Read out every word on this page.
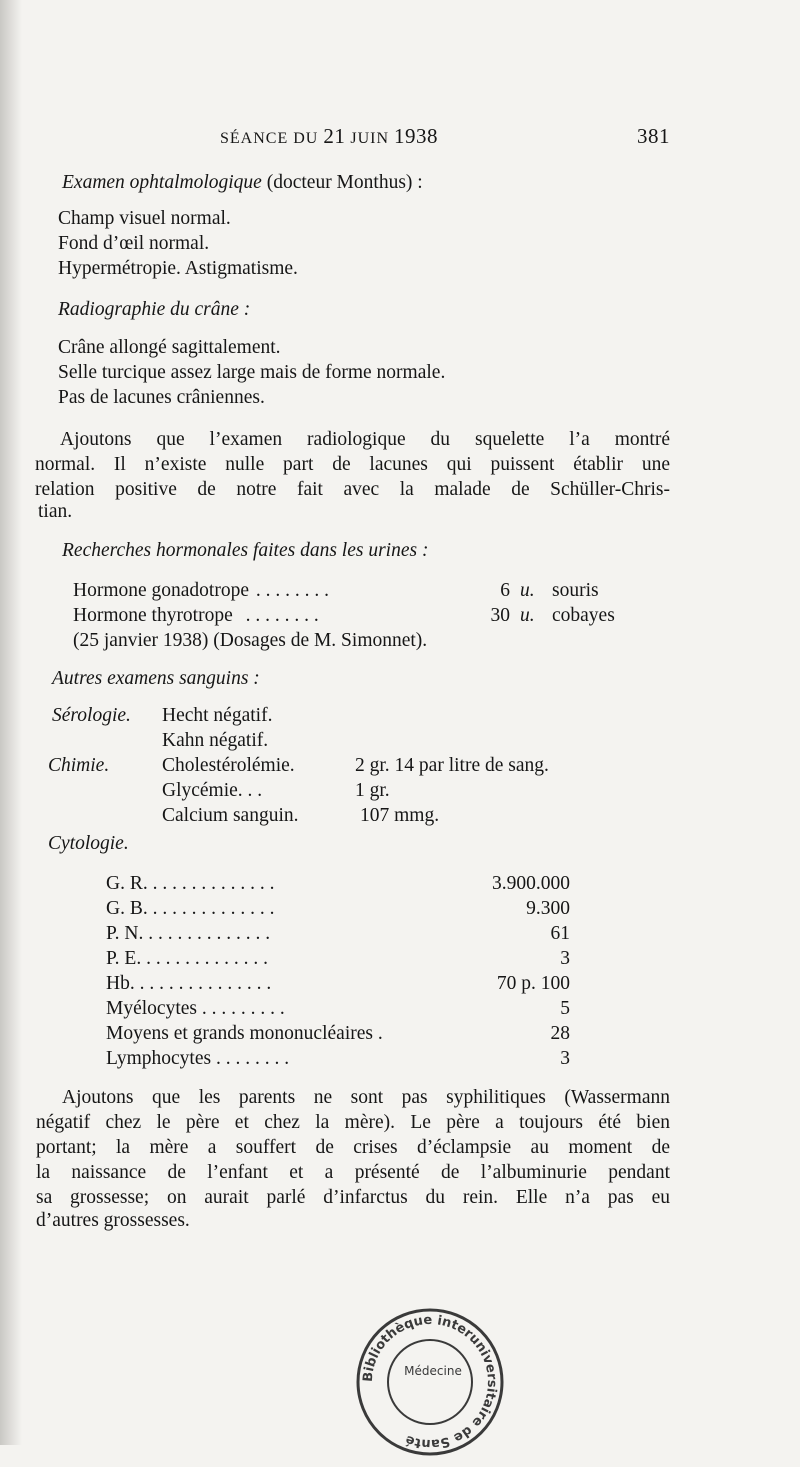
SÉANCE DU 21 JUIN 1938	381
Examen ophtalmologique (docteur Monthus) :
Champ visuel normal.
Fond d’œil normal.
Hypermétropie. Astigmatisme.
Radiographie du crâne :
Crâne allongé sagittalement.
Selle turcique assez large mais de forme normale.
Pas de lacunes crâniennes.
Ajoutons que l’examen radiologique du squelette l’a montré
normal. Il n’existe nulle part de lacunes qui puissent établir une
relation positive de notre fait avec la malade de Schüller-Chris-
tian.
Recherches hormonales faites dans les urines :
Hormone gonadotrope . . . . . . . .	6 u. souris
Hormone thyrotrope . . . . . . . .	30 u. cobayes
(25 janvier 1938) (Dosages de M. Simonnet).
Autres examens sanguins :
Sérologie. Hecht négatif.
Kahn négatif.
Chimie.	Cholestérolémie.	2 gr. 14 par litre de sang.
Glycémie. . .	1 gr.
Calcium sanguin.	107 mmg.
Cytologie.
G. R. . . . . . . . . . . . . .	3.900.000
G. B. . . . . . . . . . . . . .	9.300
P. N. . . . . . . . . . . . . .	61
P. E. . . . . . . . . . . . . .	3
Hb. . . . . . . . . . . . . . .	70 p. 100
Myélocytes . . . . . . . . .	5
Moyens et grands mononucléaires .	28
Lymphocytes . . . . . . . .	3
Ajoutons que les parents ne sont pas syphilitiques (Wassermann
négatif chez le père et chez la mère). Le père a toujours été bien
portant; la mère a souffert de crises d’éclampsie au moment de
la naissance de l’enfant et a présenté de l’albuminurie pendant
sa grossesse; on aurait parlé d’infarctus du rein. Elle n’a pas eu
d’autres grossesses.
Bibliothèque interuniversitaire de Santé
Médecine
